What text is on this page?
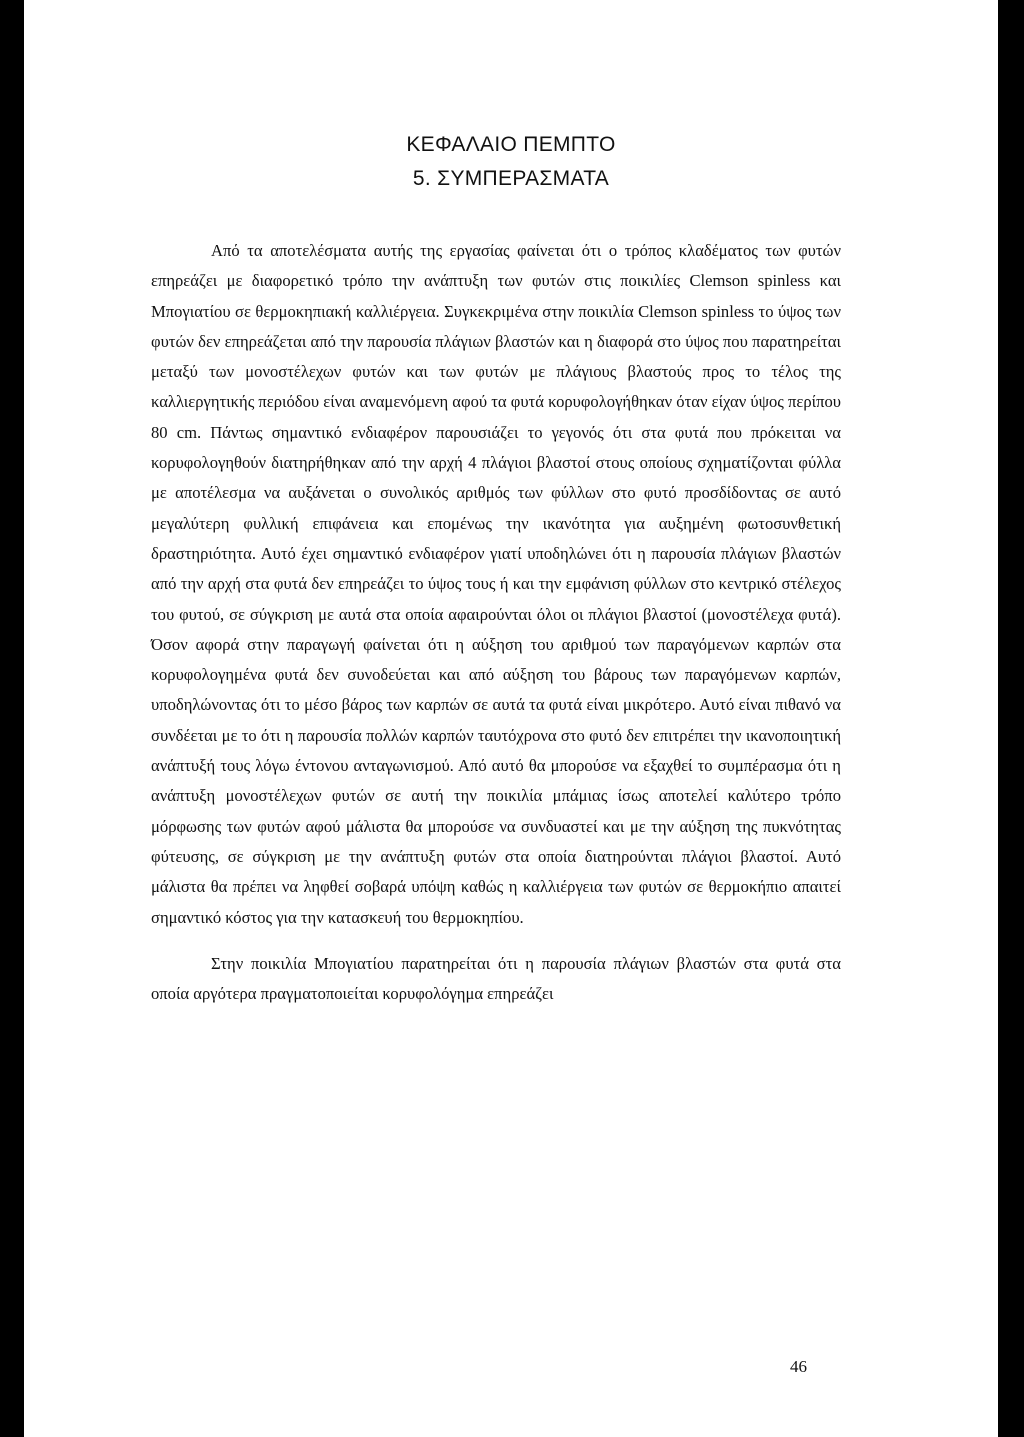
ΚΕΦΑΛΑΙΟ ΠΕΜΠΤΟ
5. ΣΥΜΠΕΡΑΣΜΑΤΑ

Από τα αποτελέσματα αυτής της εργασίας φαίνεται ότι ο τρόπος κλαδέματος των φυτών επηρεάζει με διαφορετικό τρόπο την ανάπτυξη των φυτών στις ποικιλίες Clemson spinless και Μπογιατίου σε θερμοκηπιακή καλλιέργεια. Συγκεκριμένα στην ποικιλία Clemson spinless το ύψος των φυτών δεν επηρεάζεται από την παρουσία πλάγιων βλαστών και η διαφορά στο ύψος που παρατηρείται μεταξύ των μονοστέλεχων φυτών και των φυτών με πλάγιους βλαστούς προς το τέλος της καλλιεργητικής περιόδου είναι αναμενόμενη αφού τα φυτά κορυφολογήθηκαν όταν είχαν ύψος περίπου 80 cm. Πάντως σημαντικό ενδιαφέρον παρουσιάζει το γεγονός ότι στα φυτά που πρόκειται να κορυφολογηθούν διατηρήθηκαν από την αρχή 4 πλάγιοι βλαστοί στους οποίους σχηματίζονται φύλλα με αποτέλεσμα να αυξάνεται ο συνολικός αριθμός των φύλλων στο φυτό προσδίδοντας σε αυτό μεγαλύτερη φυλλική επιφάνεια και επομένως την ικανότητα για αυξημένη φωτοσυνθετική δραστηριότητα. Αυτό έχει σημαντικό ενδιαφέρον γιατί υποδηλώνει ότι η παρουσία πλάγιων βλαστών από την αρχή στα φυτά δεν επηρεάζει το ύψος τους ή και την εμφάνιση φύλλων στο κεντρικό στέλεχος του φυτού, σε σύγκριση με αυτά στα οποία αφαιρούνται όλοι οι πλάγιοι βλαστοί (μονοστέλεχα φυτά). Όσον αφορά στην παραγωγή φαίνεται ότι η αύξηση του αριθμού των παραγόμενων καρπών στα κορυφολογημένα φυτά δεν συνοδεύεται και από αύξηση του βάρους των παραγόμενων καρπών, υποδηλώνοντας ότι το μέσο βάρος των καρπών σε αυτά τα φυτά είναι μικρότερο. Αυτό είναι πιθανό να συνδέεται με το ότι η παρουσία πολλών καρπών ταυτόχρονα στο φυτό δεν επιτρέπει την ικανοποιητική ανάπτυξή τους λόγω έντονου ανταγωνισμού. Από αυτό θα μπορούσε να εξαχθεί το συμπέρασμα ότι η ανάπτυξη μονοστέλεχων φυτών σε αυτή την ποικιλία μπάμιας ίσως αποτελεί καλύτερο τρόπο μόρφωσης των φυτών αφού μάλιστα θα μπορούσε να συνδυαστεί και με την αύξηση της πυκνότητας φύτευσης, σε σύγκριση με την ανάπτυξη φυτών στα οποία διατηρούνται πλάγιοι βλαστοί. Αυτό μάλιστα θα πρέπει να ληφθεί σοβαρά υπόψη καθώς η καλλιέργεια των φυτών σε θερμοκήπιο απαιτεί σημαντικό κόστος για την κατασκευή του θερμοκηπίου.

Στην ποικιλία Μπογιατίου παρατηρείται ότι η παρουσία πλάγιων βλαστών στα φυτά στα οποία αργότερα πραγματοποιείται κορυφολόγημα επηρεάζει

46
